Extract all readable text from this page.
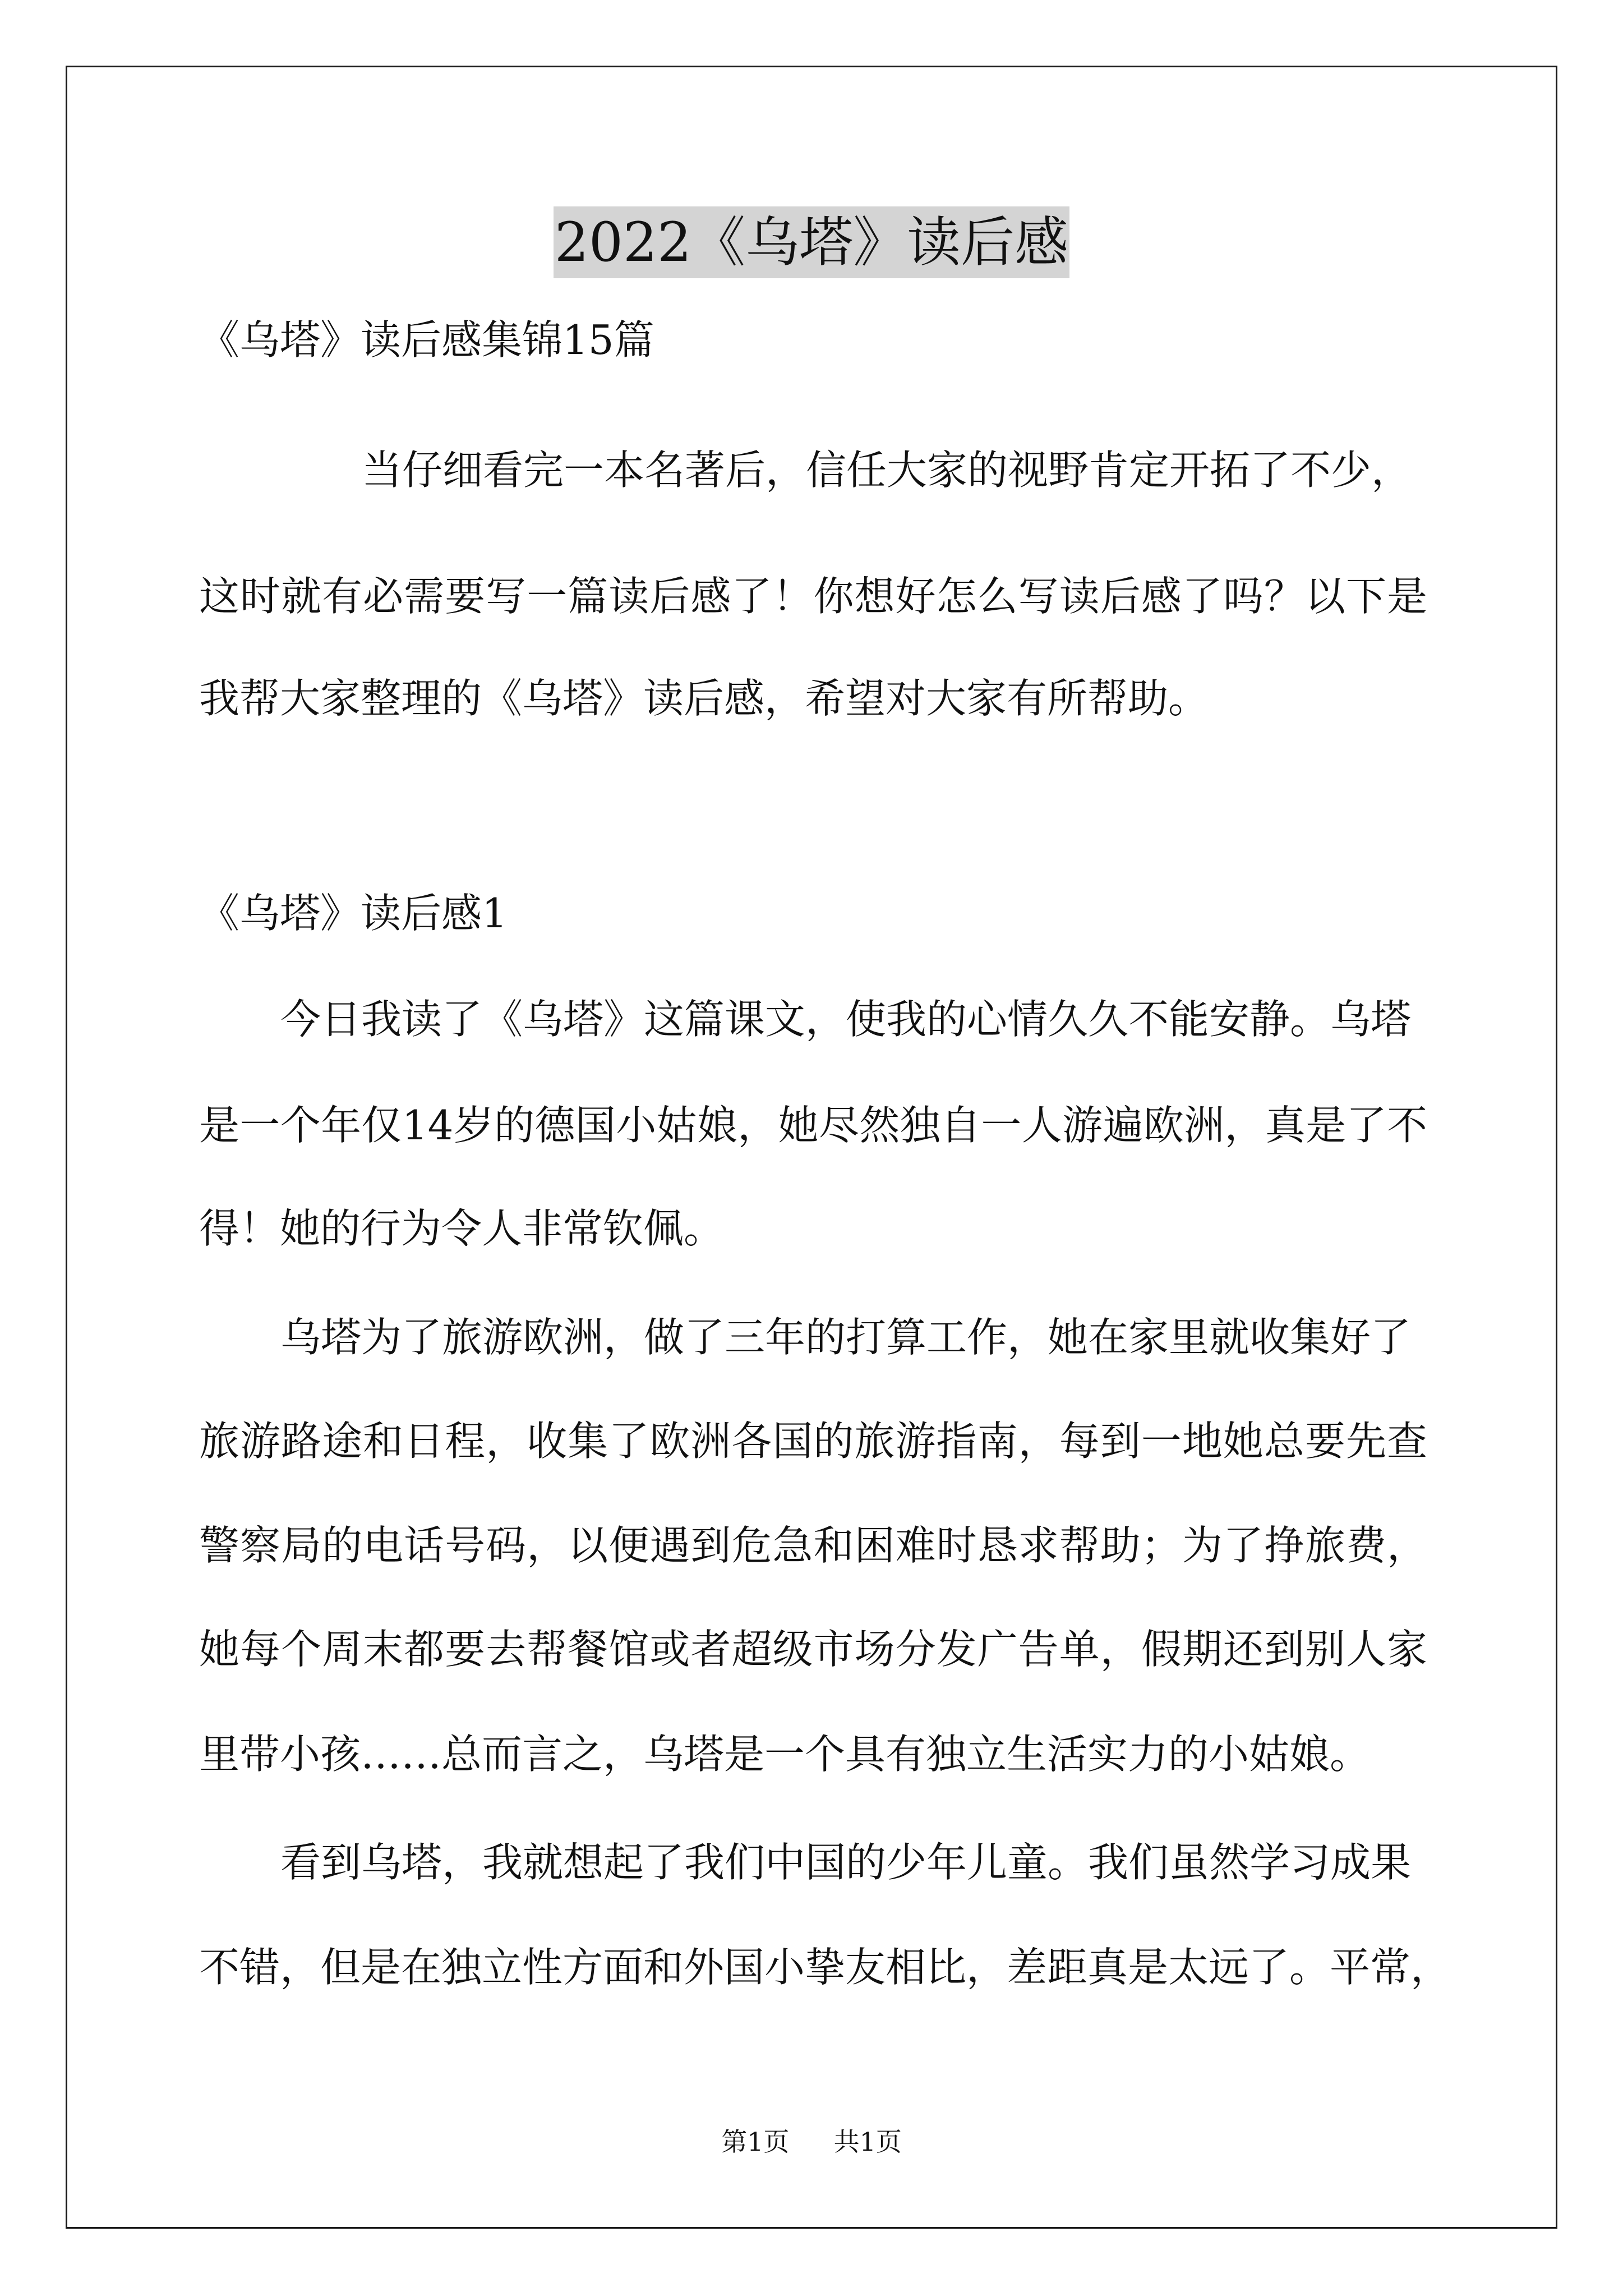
2022《乌塔》读后感
《乌塔》读后感集锦15篇
当仔细看完一本名著后，信任大家的视野肯定开拓了不少，
这时就有必需要写一篇读后感了！你想好怎么写读后感了吗？以下是
我帮大家整理的《乌塔》读后感，希望对大家有所帮助。
《乌塔》读后感1
今日我读了《乌塔》这篇课文，使我的心情久久不能安静。乌塔
是一个年仅14岁的德国小姑娘，她尽然独自一人游遍欧洲，真是了不
得！她的行为令人非常钦佩。
乌塔为了旅游欧洲，做了三年的打算工作，她在家里就收集好了
旅游路途和日程，收集了欧洲各国的旅游指南，每到一地她总要先查
警察局的电话号码，以便遇到危急和困难时恳求帮助；为了挣旅费，
她每个周末都要去帮餐馆或者超级市场分发广告单，假期还到别人家
里带小孩……总而言之，乌塔是一个具有独立生活实力的小姑娘。
看到乌塔，我就想起了我们中国的少年儿童。我们虽然学习成果
不错，但是在独立性方面和外国小挚友相比，差距真是太远了。平常，
第1页 共1页
